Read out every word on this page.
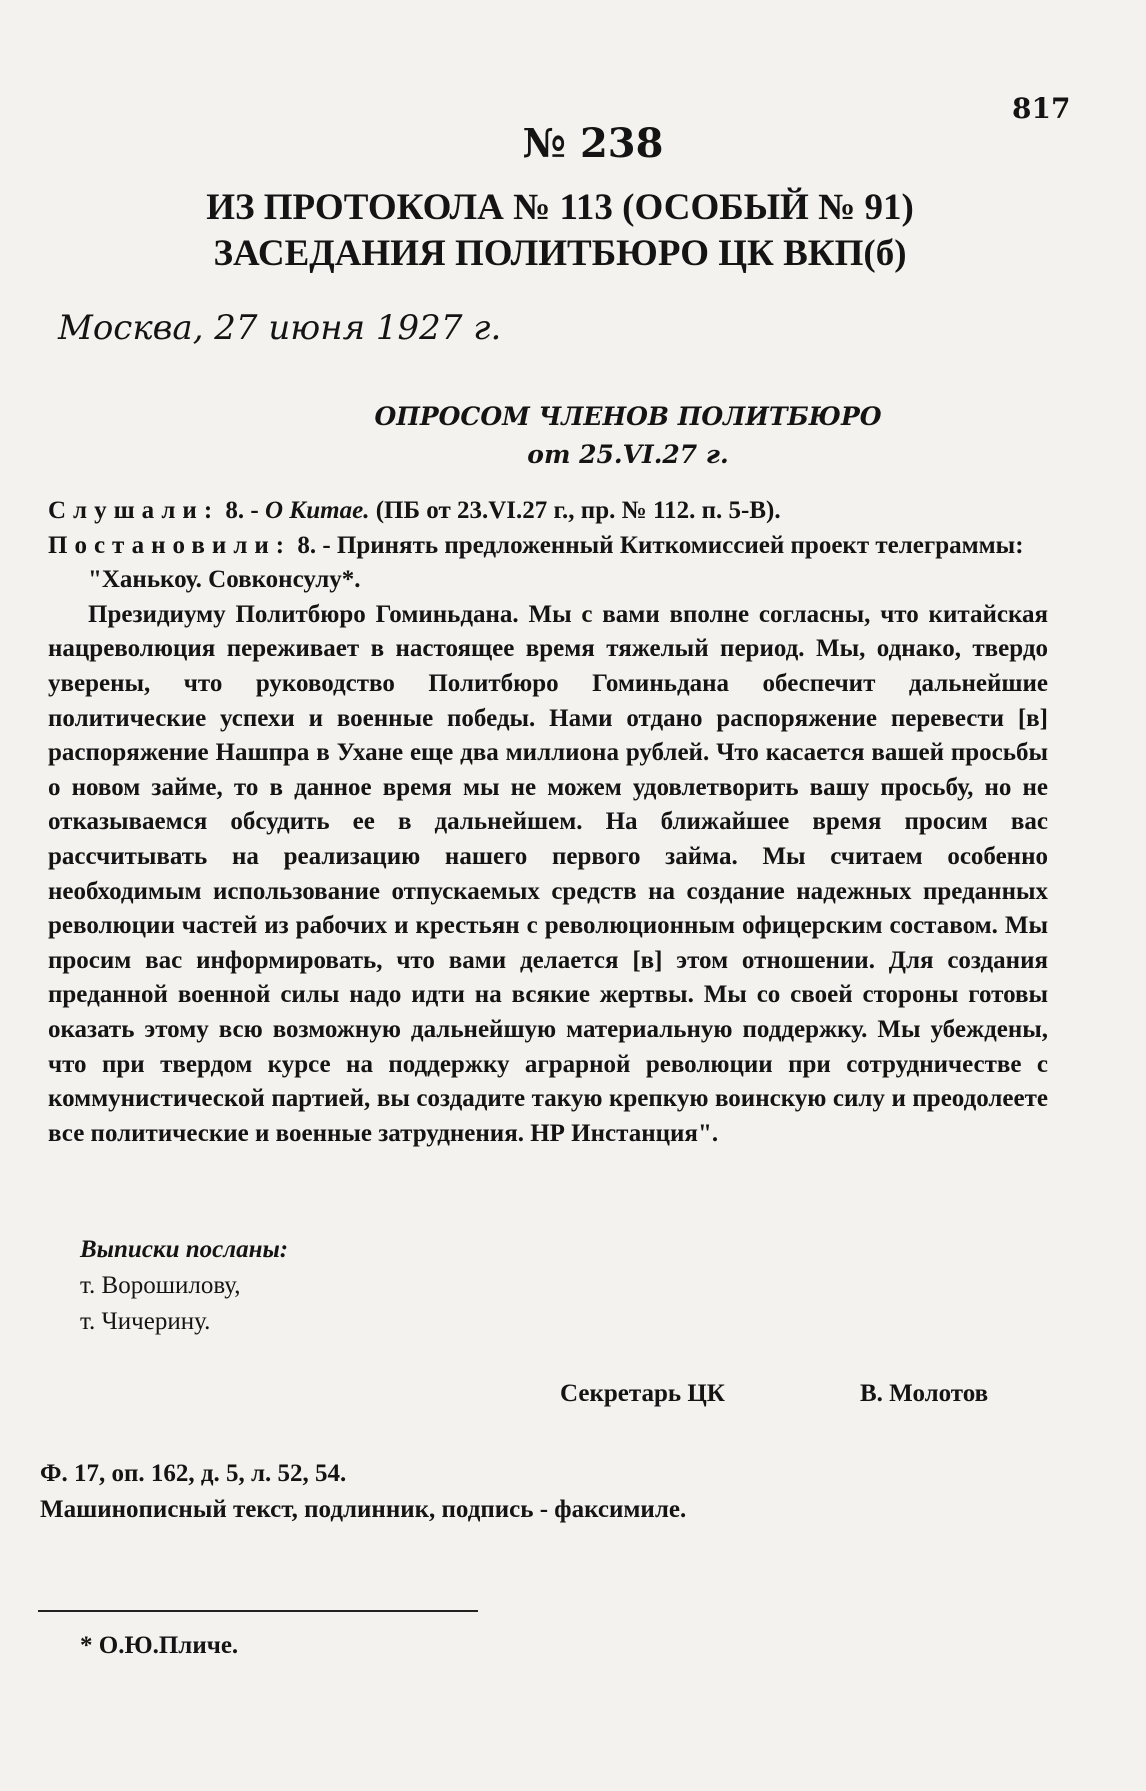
817
№ 238
ИЗ ПРОТОКОЛА № 113 (ОСОБЫЙ № 91)
ЗАСЕДАНИЯ ПОЛИТБЮРО ЦК ВКП(б)
Москва, 27 июня 1927 г.
ОПРОСОМ ЧЛЕНОВ ПОЛИТБЮРО
от 25.VI.27 г.

Слушали: 8. - О Китае. (ПБ от 23.VI.27 г., пр. № 112. п. 5-В).

Постановили: 8. - Принять предложенный Киткомиссией проект телеграммы:

"Ханькоу. Совконсулу*.

Президиуму Политбюро Гоминьдана. Мы с вами вполне согласны, что китайская нацреволюция переживает в настоящее время тяжелый период. Мы, однако, твердо уверены, что руководство Политбюро Гоминьдана обеспечит дальнейшие политические успехи и военные победы. Нами отдано распоряжение перевести [в] распоряжение Нашпра в Ухане еще два миллиона рублей. Что касается вашей просьбы о новом займе, то в данное время мы не можем удовлетворить вашу просьбу, но не отказываемся обсудить ее в дальнейшем. На ближайшее время просим вас рассчитывать на реализацию нашего первого займа. Мы считаем особенно необходимым использование отпускаемых средств на создание надежных преданных революции частей из рабочих и крестьян с революционным офицерским составом. Мы просим вас информировать, что вами делается [в] этом отношении. Для создания преданной военной силы надо идти на всякие жертвы. Мы со своей стороны готовы оказать этому всю возможную дальнейшую материальную поддержку. Мы убеждены, что при твердом курсе на поддержку аграрной революции при сотрудничестве с коммунистической партией, вы создадите такую крепкую воинскую силу и преодолеете все политические и военные затруднения. НР Инстанция".

Выписки посланы:
т. Ворошилову,
т. Чичерину.
Секретарь ЦК	В. Молотов
Ф. 17, оп. 162, д. 5, л. 52, 54.
Машинописный текст, подлинник, подпись - факсимиле.
* О.Ю.Пличе.
